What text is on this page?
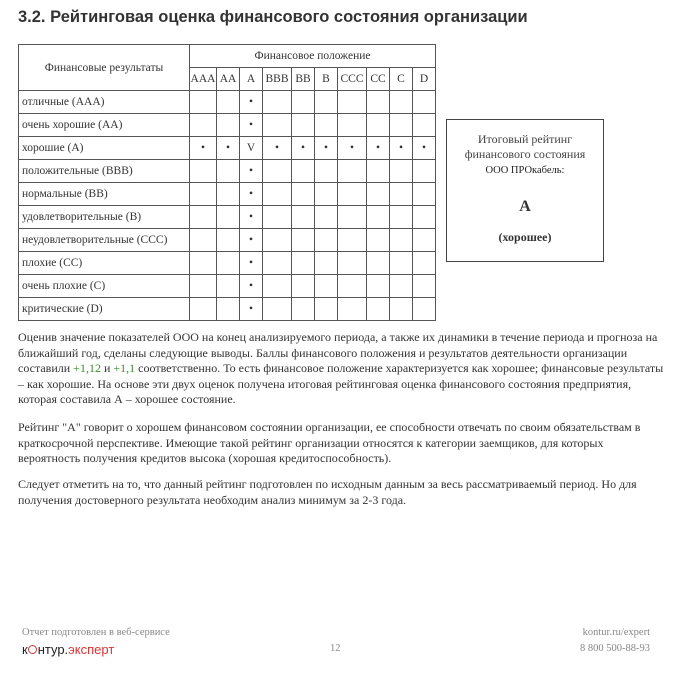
3.2. Рейтинговая оценка финансового состояния организации
Финансовые результаты	Финансовое положение									
	AAA	AA	A	BBB	BB	B	CCC	CC	C	D
отличные (AAA)			•							
очень хорошие (AA)			•							
хорошие (A)	•	•	V	•	•	•	•	•	•	•
положительные (BBB)			•							
нормальные (BB)			•							
удовлетворительные (B)			•							
неудовлетворительные (CCC)			•							
плохие (CC)			•							
очень плохие (C)			•							
критические (D)			•							
Итоговый рейтинг финансового состояния
ООО ПРОкабель:
A
(хорошее)

Оценив значение показателей ООО на конец анализируемого периода, а также их динамики в течение периода и прогноза на ближайший год, сделаны следующие выводы. Баллы финансового положения и результатов деятельности организации составили +1,12 и +1,1 соответственно. То есть финансовое положение характеризуется как хорошее; финансовые результаты – как хорошие. На основе эти двух оценок получена итоговая рейтинговая оценка финансового состояния предприятия, которая составила А – хорошее состояние.

Рейтинг "A" говорит о хорошем финансовом состоянии организации, ее способности отвечать по своим обязательствам в краткосрочной перспективе. Имеющие такой рейтинг организации относятся к категории заемщиков, для которых вероятность получения кредитов высока (хорошая кредитоспособность).

Следует отметить на то, что данный рейтинг подготовлен по исходным данным за весь рассматриваемый период. Но для получения достоверного результата необходим анализ минимум за 2-3 года.

Отчет подготовлен в веб-сервисе
к нтур.эксперт	12
kontur.ru/expert
8 800 500-88-93
